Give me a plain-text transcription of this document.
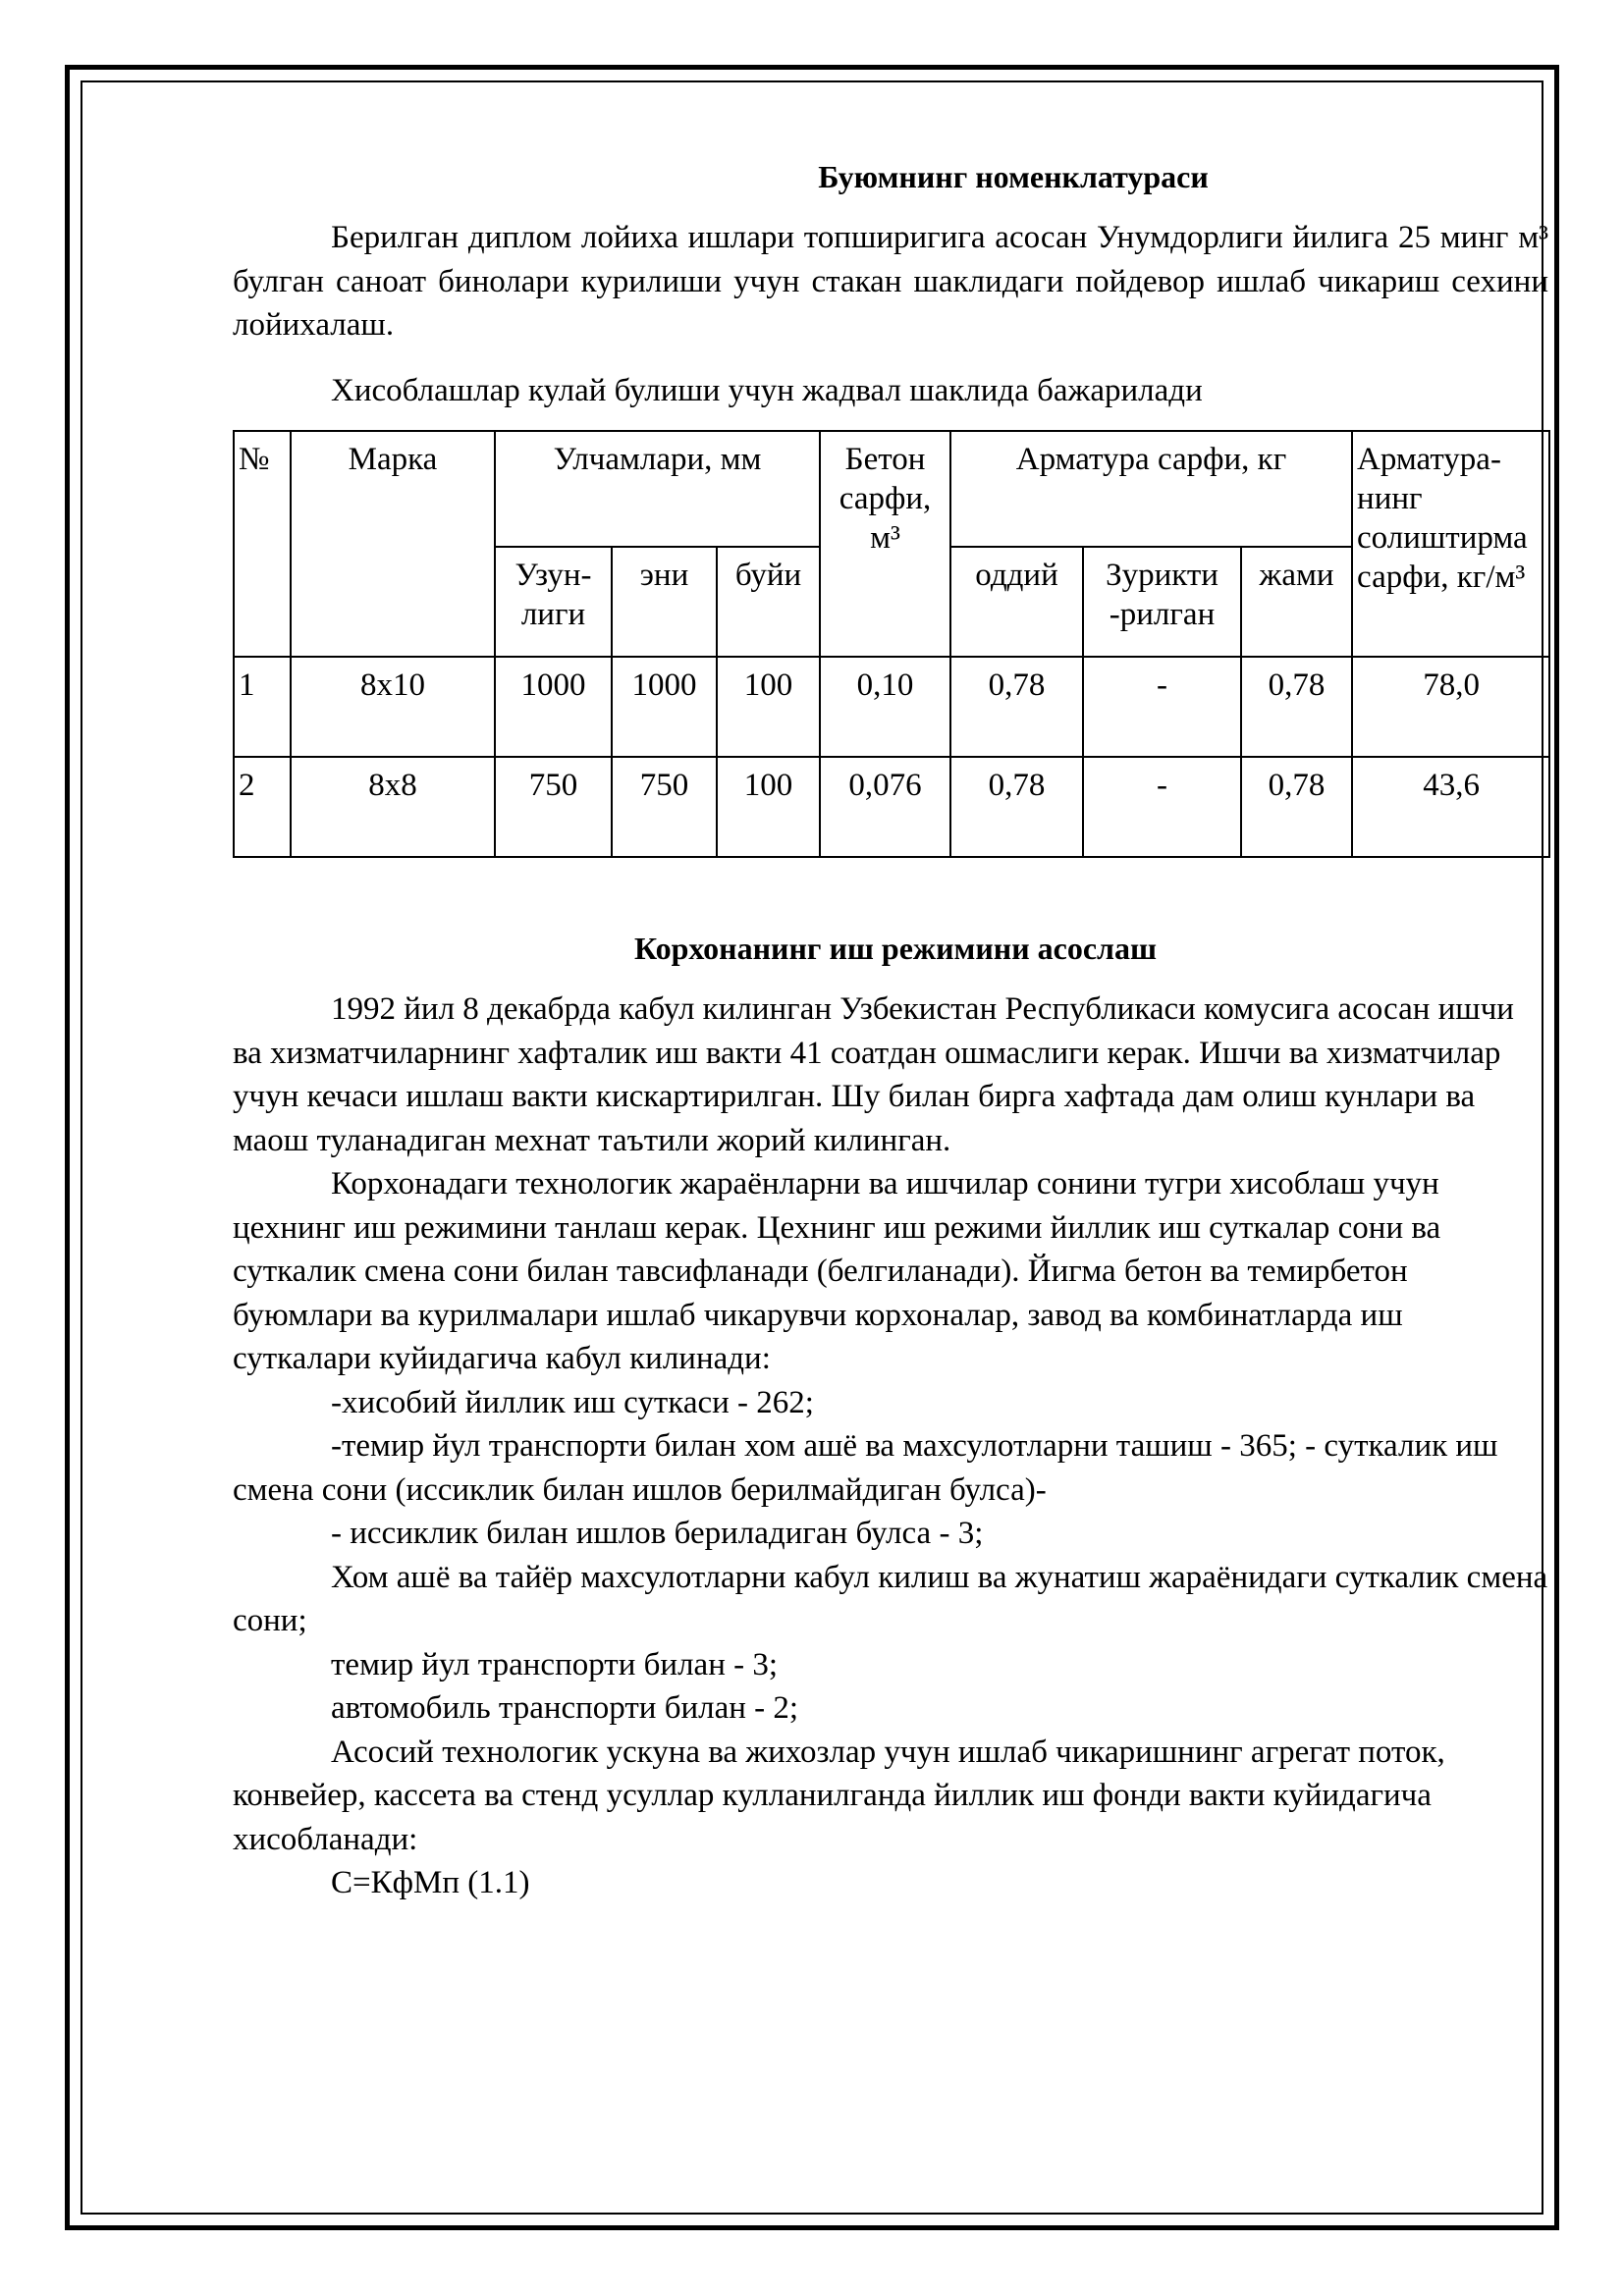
Буюмнинг номенклатураси

Берилган диплом лойиха ишлари топширигига асосан Унумдорлиги йилига 25 минг м³ булган саноат бинолари курилиши учун стакан шаклидаги пойдевор ишлаб чикариш сехини лойихалаш.

Хисоблашлар кулай булиши учун жадвал шаклида бажарилади

№	Марка	Улчамлари, мм			Бетон сарфи, м³	Арматура сарфи, кг			Арматура-нинг солиштирма сарфи, кг/м³
		Узун-лиги	эни	буйи		оддий	Зурикти -рилган	жами	
1	8х10	1000	1000	100	0,10	0,78	-	0,78	78,0
2	8х8	750	750	100	0,076	0,78	-	0,78	43,6
Корхонанинг иш режимини асослаш

1992 йил 8 декабрда кабул килинган Узбекистан Республикаси комусига асосан ишчи ва хизматчиларнинг хафталик иш вакти 41 соатдан ошмаслиги керак. Ишчи ва хизматчилар учун кечаси ишлаш вакти кискартирилган. Шу билан бирга хафтада дам олиш кунлари ва маош туланадиган мехнат таътили жорий килинган.

Корхонадаги технологик жараёнларни ва ишчилар сонини тугри хисоблаш учун цехнинг иш режимини танлаш керак. Цехнинг иш режими йиллик иш суткалар сони ва суткалик смена сони билан тавсифланади (белгиланади). Йигма бетон ва темирбетон буюмлари ва курилмалари ишлаб чикарувчи корхоналар, завод ва комбинатларда иш суткалари куйидагича кабул килинади:

-хисобий йиллик иш суткаси - 262;

-темир йул транспорти билан хом ашё ва махсулотларни ташиш - 365; - суткалик иш смена сони (иссиклик билан ишлов берилмайдиган булса)-

- иссиклик билан ишлов бериладиган булса - 3;

Хом ашё ва тайёр махсулотларни кабул килиш ва жунатиш жараёнидаги суткалик смена сони;

темир йул транспорти билан - 3;

автомобиль транспорти билан - 2;

Асосий технологик ускуна ва жихозлар учун ишлаб чикаришнинг агрегат поток, конвейер, кассета ва стенд усуллар кулланилганда йиллик иш фонди вакти куйидагича хисобланади:

С=КфМп (1.1)
